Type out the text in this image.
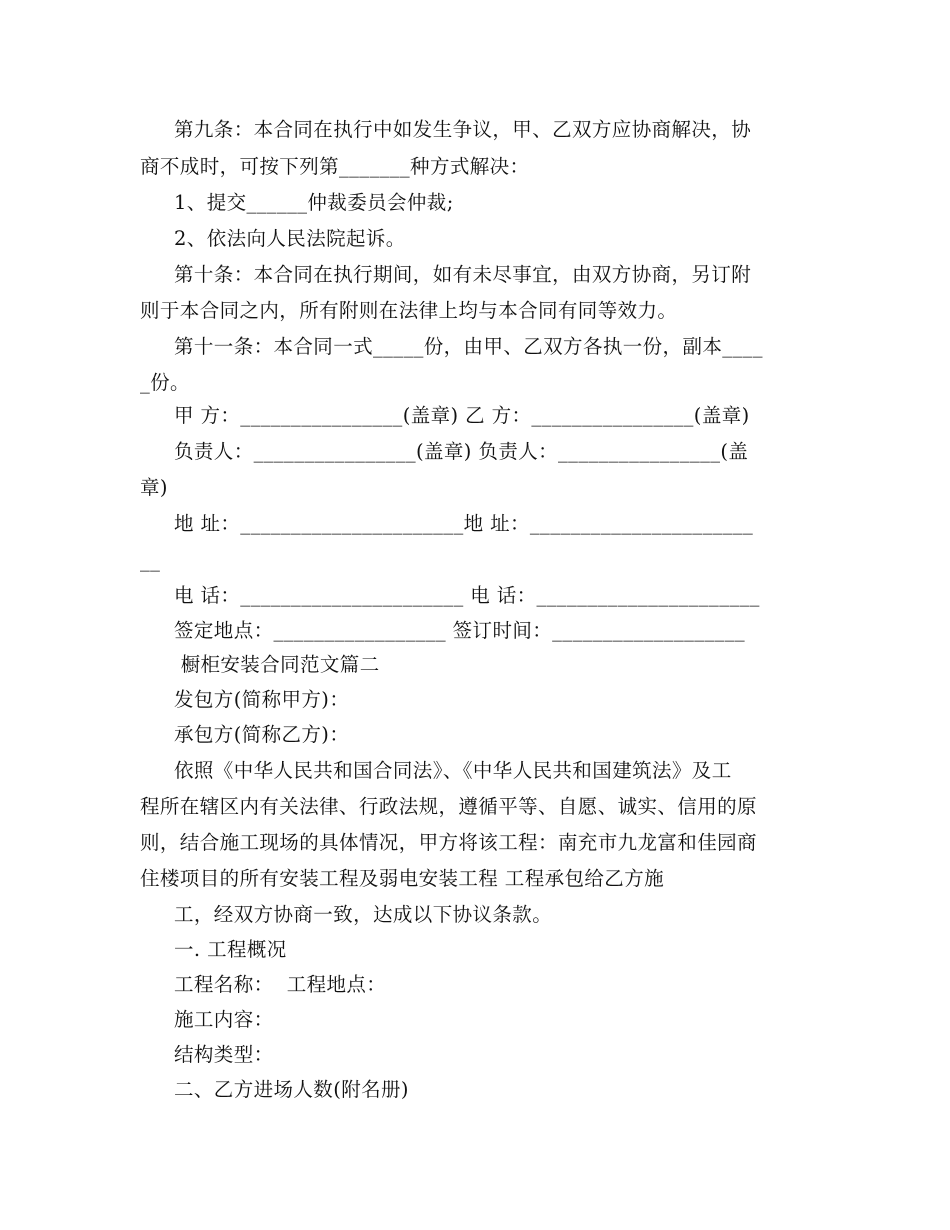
第九条：本合同在执行中如发生争议，甲、乙双方应协商解决，协
商不成时，可按下列第_______种方式解决：
1、提交______仲裁委员会仲裁;
2、依法向人民法院起诉。
第十条：本合同在执行期间，如有未尽事宜，由双方协商，另订附
则于本合同之内，所有附则在法律上均与本合同有同等效力。
第十一条：本合同一式_____份，由甲、乙双方各执一份，副本____
_份。
甲 方：________________(盖章) 乙 方：________________(盖章)
负责人：________________(盖章) 负责人：________________(盖
章)
地 址：______________________地 址：______________________
__
电 话：______________________ 电 话：______________________
签定地点：_________________ 签订时间：___________________
橱柜安装合同范文篇二
发包方(简称甲方)：
承包方(简称乙方)：
依照《中华人民共和国合同法》、《中华人民共和国建筑法》及工
程所在辖区内有关法律、行政法规，遵循平等、自愿、诚实、信用的原
则，结合施工现场的具体情况，甲方将该工程：南充市九龙富和佳园商
住楼项目的所有安装工程及弱电安装工程 工程承包给乙方施
工，经双方协商一致，达成以下协议条款。
一. 工程概况
工程名称：  工程地点：
施工内容：
结构类型：
二、乙方进场人数(附名册)
